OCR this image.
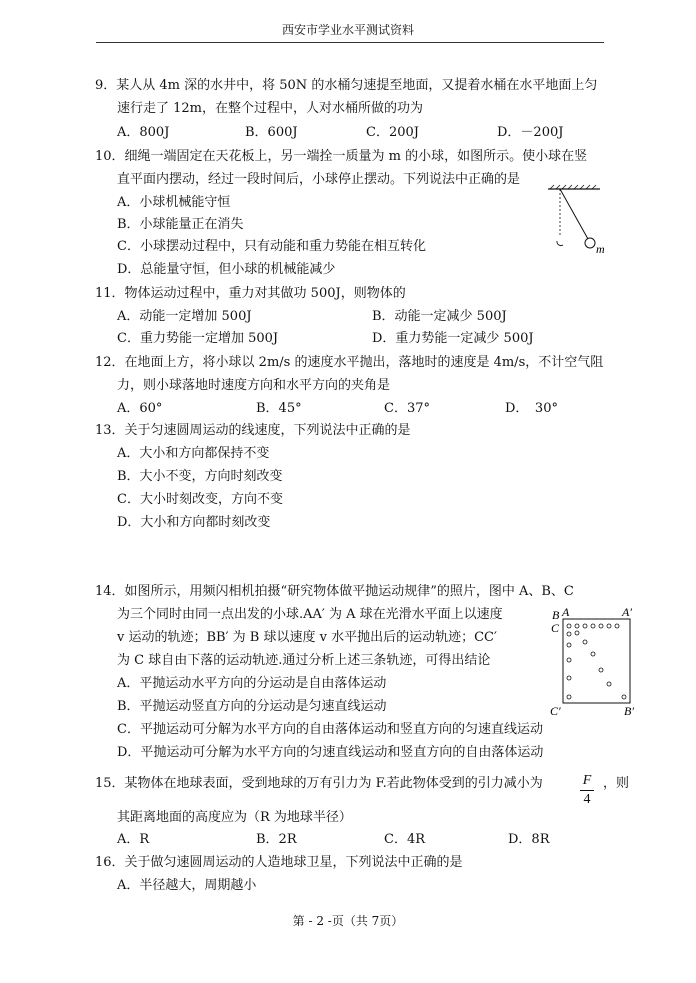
西安市学业水平测试资料
9．某人从 4m 深的水井中，将 50N 的水桶匀速提至地面，又提着水桶在水平地面上匀
速行走了 12m，在整个过程中，人对水桶所做的功为
A．800J	B．600J	C．200J	D．－200J
10．细绳一端固定在天花板上，另一端拴一质量为 m 的小球，如图所示。使小球在竖
直平面内摆动，经过一段时间后，小球停止摆动。下列说法中正确的是
A．小球机械能守恒
B．小球能量正在消失
C．小球摆动过程中，只有动能和重力势能在相互转化
D．总能量守恒，但小球的机械能减少
m
11．物体运动过程中，重力对其做功 500J，则物体的
A．动能一定增加 500J	B．动能一定减少 500J
C．重力势能一定增加 500J	D．重力势能一定减少 500J
12．在地面上方，将小球以 2m/s 的速度水平抛出，落地时的速度是 4m/s，不计空气阻
力，则小球落地时速度方向和水平方向的夹角是
A．60°	B．45°	C．37°	D．　30°
13．关于匀速圆周运动的线速度，下列说法中正确的是
A．大小和方向都保持不变
B．大小不变，方向时刻改变
C．大小时刻改变，方向不变
D．大小和方向都时刻改变
14．如图所示，用频闪相机拍摄“研究物体做平抛运动规律”的照片，图中 A、B、C
为三个同时由同一点出发的小球.AA′ 为 A 球在光滑水平面上以速度
v 运动的轨迹；BB′ 为 B 球以速度 v 水平抛出后的运动轨迹；CC′
为 C 球自由下落的运动轨迹.通过分析上述三条轨迹，可得出结论
A．平抛运动水平方向的分运动是自由落体运动
B．平抛运动竖直方向的分运动是匀速直线运动
C．平抛运动可分解为水平方向的自由落体运动和竖直方向的匀速直线运动
D．平抛运动可分解为水平方向的匀速直线运动和竖直方向的自由落体运动
B A	A′
C
C′	B′
15．某物体在地球表面，受到地球的万有引力为 F.若此物体受到的引力减小为	F
4
，则
其距离地面的高度应为（R 为地球半径）
A．R	B．2R	C．4R	D．8R
16．关于做匀速圆周运动的人造地球卫星，下列说法中正确的是
A．半径越大，周期越小
第 - 2 -页（共 7页）
